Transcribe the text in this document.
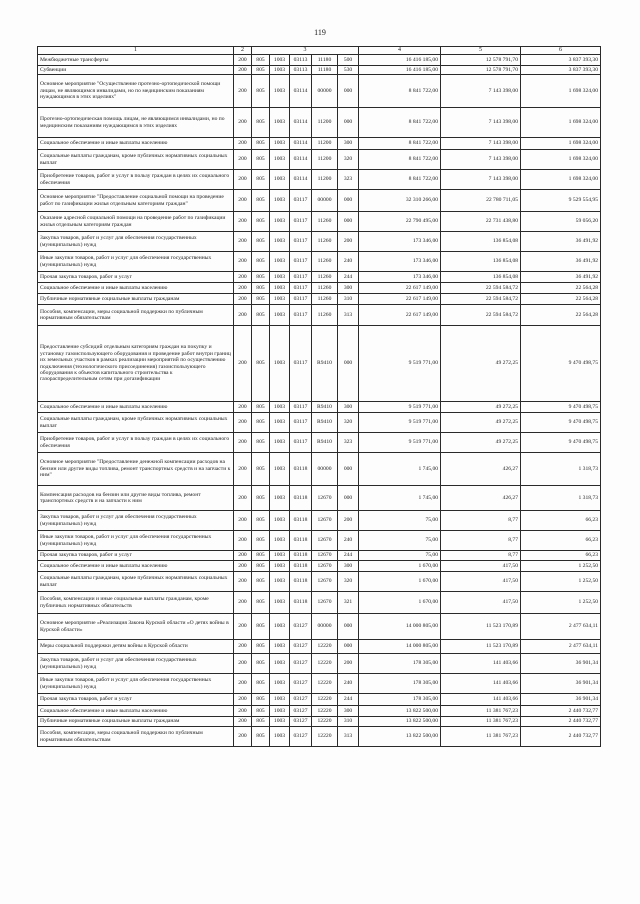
119
1	2	3					4	5	6
Межбюджетные трансферты	200	805	1003	03113	11180	500	16 416 185,00	12 578 791,70	3 837 393,30
Субвенции	200	805	1003	03113	11180	530	16 416 185,00	12 578 791,70	3 837 393,30
Основное мероприятие "Осуществление протезно-ортопедической помощи лицам, не являющимся инвалидами, но по медицинским показаниям нуждающимся в этих изделиях"	200	805	1003	03114	00000	000	8 841 722,00	7 143 398,00	1 698 324,00
Протезно-ортопедическая помощь лицам, не являющимся инвалидами, но по медицинским показаниям нуждающимся в этих изделиях	200	805	1003	03114	11200	000	8 841 722,00	7 143 398,00	1 698 324,00
Социальное обеспечение и иные выплаты населению	200	805	1003	03114	11200	300	8 841 722,00	7 143 398,00	1 698 324,00
Социальные выплаты гражданам, кроме публичных нормативных социальных выплат	200	805	1003	03114	11200	320	8 841 722,00	7 143 398,00	1 698 324,00
Приобретение товаров, работ и услуг в пользу граждан в целях их социального обеспечения	200	805	1003	03114	11200	323	8 841 722,00	7 143 398,00	1 698 324,00
Основное мероприятие "Предоставление социальной помощи на проведение работ по газификации жилья отдельным категориям граждан"	200	805	1003	03117	00000	000	32 310 266,00	22 780 711,05	9 529 554,95
Оказание адресной социальной помощи на проведение работ по газификации жилья отдельным категориям граждан	200	805	1003	03117	11260	000	22 790 495,00	22 731 438,80	59 056,20
Закупка товаров, работ и услуг для обеспечения государственных (муниципальных) нужд	200	805	1003	03117	11260	200	173 346,00	136 854,08	36 491,92
Иные закупки товаров, работ и услуг для обеспечения государственных (муниципальных) нужд	200	805	1003	03117	11260	240	173 346,00	136 854,08	36 491,92
Прочая закупка товаров, работ и услуг	200	805	1003	03117	11260	244	173 346,00	136 854,08	36 491,92
Социальное обеспечение и иные выплаты населению	200	805	1003	03117	11260	300	22 617 149,00	22 594 584,72	22 564,28
Публичные нормативные социальные выплаты гражданам	200	805	1003	03117	11260	310	22 617 149,00	22 594 584,72	22 564,28
Пособия, компенсации, меры социальной поддержки по публичным нормативным обязательствам	200	805	1003	03117	11260	313	22 617 149,00	22 594 584,72	22 564,28
Предоставление субсидий отдельным категориям граждан на покупку и установку газоиспользующего оборудования и проведение работ внутри границ их земельных участков в рамках реализации мероприятий по осуществлению подключения (технологического присоединения) газоиспользующего оборудования к объектов капитального строительства к газораспределительным сетям при догазификации	200	805	1003	03117	R9410	000	9 519 771,00	49 272,25	9 470 498,75
Социальное обеспечение и иные выплаты населению	200	805	1003	03117	R9410	300	9 519 771,00	49 272,25	9 470 498,75
Социальные выплаты гражданам, кроме публичных нормативных социальных выплат	200	805	1003	03117	R9410	320	9 519 771,00	49 272,25	9 470 498,75
Приобретение товаров, работ и услуг в пользу граждан в целях их социального обеспечения	200	805	1003	03117	R9410	323	9 519 771,00	49 272,25	9 470 498,75
Основное мероприятие "Предоставление денежной компенсации расходов на бензин или другие виды топлива, ремонт транспортных средств и на запчасти к ним"	200	805	1003	03118	00000	000	1 745,00	426,27	1 318,73
Компенсация расходов на бензин или другие виды топлива, ремонт транспортных средств и на запчасти к ним	200	805	1003	03118	12670	000	1 745,00	426,27	1 318,73
Закупка товаров, работ и услуг для обеспечения государственных (муниципальных) нужд	200	805	1003	03118	12670	200	75,00	8,77	66,23
Иные закупки товаров, работ и услуг для обеспечения государственных (муниципальных) нужд	200	805	1003	03118	12670	240	75,00	8,77	66,23
Прочая закупка товаров, работ и услуг	200	805	1003	03118	12670	244	75,00	8,77	66,23
Социальное обеспечение и иные выплаты населению	200	805	1003	03118	12670	300	1 670,00	417,50	1 252,50
Социальные выплаты гражданам, кроме публичных нормативных социальных выплат	200	805	1003	03118	12670	320	1 670,00	417,50	1 252,50
Пособия, компенсации и иные социальные выплаты гражданам, кроме публичных нормативных обязательств	200	805	1003	03118	12670	321	1 670,00	417,50	1 252,50
Основное мероприятие «Реализация Закона Курской области «О детях войны в Курской области»	200	805	1003	03127	00000	000	14 000 805,00	11 523 170,89	2 477 634,11
Меры социальной поддержки детям войны в Курской области	200	805	1003	03127	12220	000	14 000 805,00	11 523 170,89	2 477 634,11
Закупка товаров, работ и услуг для обеспечения государственных (муниципальных) нужд	200	805	1003	03127	12220	200	178 305,00	141 403,66	36 901,34
Иные закупки товаров, работ и услуг для обеспечения государственных (муниципальных) нужд	200	805	1003	03127	12220	240	178 305,00	141 403,66	36 901,34
Прочая закупка товаров, работ и услуг	200	805	1003	03127	12220	244	178 305,00	141 403,66	36 901,34
Социальное обеспечение и иные выплаты населению	200	805	1003	03127	12220	300	13 822 500,00	11 381 767,23	2 440 732,77
Публичные нормативные социальные выплаты гражданам	200	805	1003	03127	12220	310	13 822 500,00	11 381 767,23	2 440 732,77
Пособия, компенсации, меры социальной поддержки по публичным нормативным обязательствам	200	805	1003	03127	12220	313	13 822 500,00	11 381 767,23	2 440 732,77
